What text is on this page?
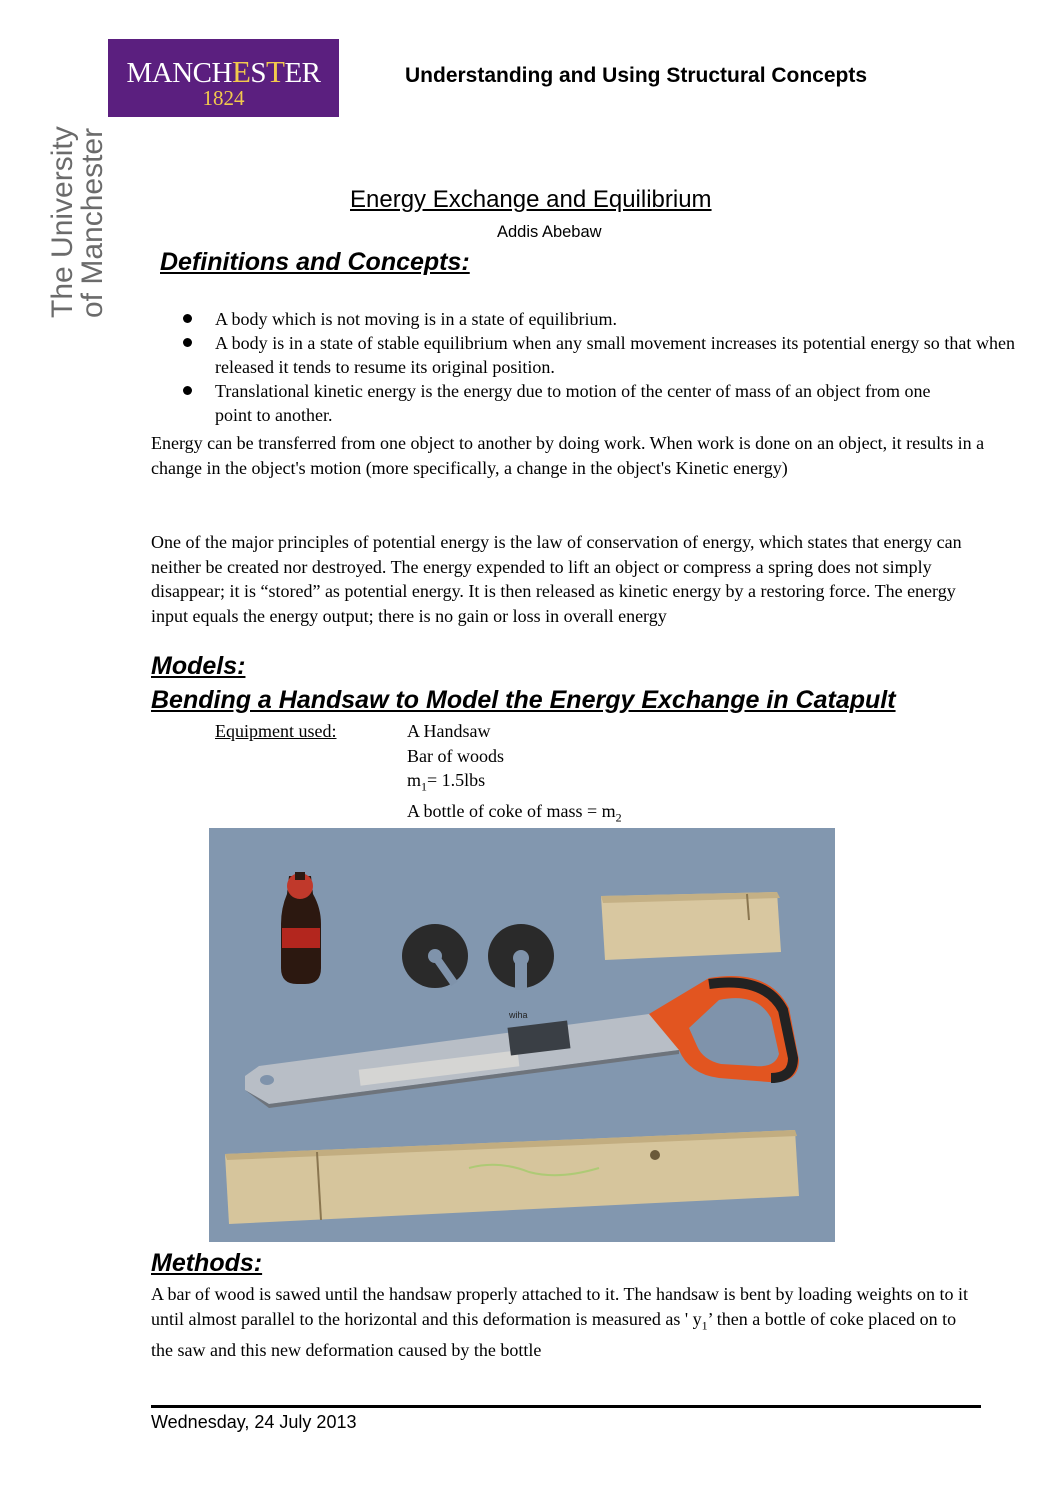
MANCHESTER
1824
The University
of Manchester
Understanding and Using Structural Concepts
Energy Exchange and Equilibrium
Addis Abebaw
Definitions and Concepts:
A body which is not moving is in a state of equilibrium.
A body is in a state of stable equilibrium when any small movement increases its potential energy so that when released it tends to resume its original position.
Translational kinetic energy is the energy due to motion of the center of mass of an object from one point to another.

Energy can be transferred from one object to another by doing work. When work is done on an object, it results in a change in the object's motion (more specifically, a change in the object's Kinetic energy)

One of the major principles of potential energy is the law of conservation of energy, which states that energy can neither be created nor destroyed. The energy expended to lift an object or compress a spring does not simply disappear; it is “stored” as potential energy. It is then released as kinetic energy by a restoring force. The energy input equals the energy output; there is no gain or loss in overall energy

Models:
Bending a Handsaw to Model the Energy Exchange in Catapult
Equipment used:	A Handsaw
Bar of woods
$m_1= 1.5lbs$
A bottle of coke of mass = $m_2$
wiha
Methods:

A bar of wood is sawed until the handsaw properly attached to it. The handsaw is bent by loading weights on to it until almost parallel to the horizontal and this deformation is measured as ' $y_1$’ then a bottle of coke placed on to the saw and this new deformation caused by the bottle

Wednesday, 24 July 2013
